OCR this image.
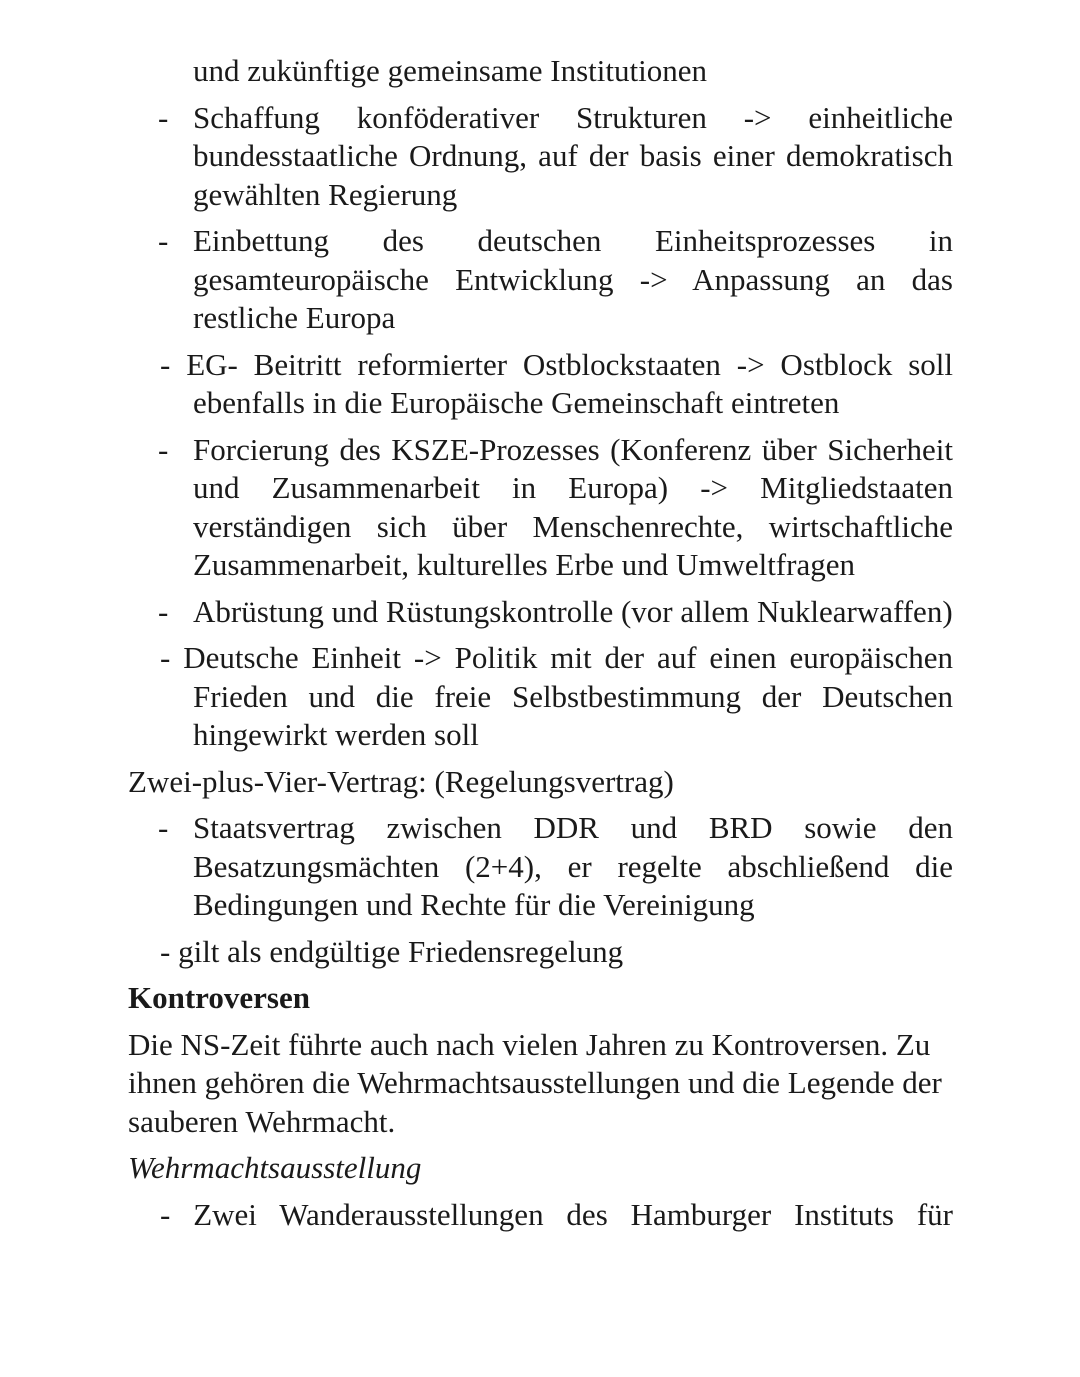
und zukünftige gemeinsame Institutionen
- Schaffung konföderativer Strukturen -> einheitliche bundesstaatliche Ordnung, auf der basis einer demokratisch gewählten Regierung
- Einbettung des deutschen Einheitsprozesses in gesamteuropäische Entwicklung -> Anpassung an das restliche Europa
- EG- Beitritt reformierter Ostblockstaaten -> Ostblock soll ebenfalls in die Europäische Gemeinschaft eintreten
- Forcierung des KSZE-Prozesses (Konferenz über Sicherheit und Zusammenarbeit in Europa) -> Mitgliedstaaten verständigen sich über Menschenrechte, wirtschaftliche Zusammenarbeit, kulturelles Erbe und Umweltfragen
- Abrüstung und Rüstungskontrolle (vor allem Nuklearwaffen)
- Deutsche Einheit -> Politik mit der auf einen europäischen Frieden und die freie Selbstbestimmung der Deutschen hingewirkt werden soll
Zwei-plus-Vier-Vertrag: (Regelungsvertrag)
- Staatsvertrag zwischen DDR und BRD sowie den Besatzungsmächten (2+4), er regelte abschließend die Bedingungen und Rechte für die Vereinigung
- gilt als endgültige Friedensregelung
Kontroversen
Die NS-Zeit führte auch nach vielen Jahren zu Kontroversen. Zu ihnen gehören die Wehrmachtsausstellungen und die Legende der sauberen Wehrmacht.
Wehrmachtsausstellung
- Zwei Wanderausstellungen des Hamburger Instituts für
